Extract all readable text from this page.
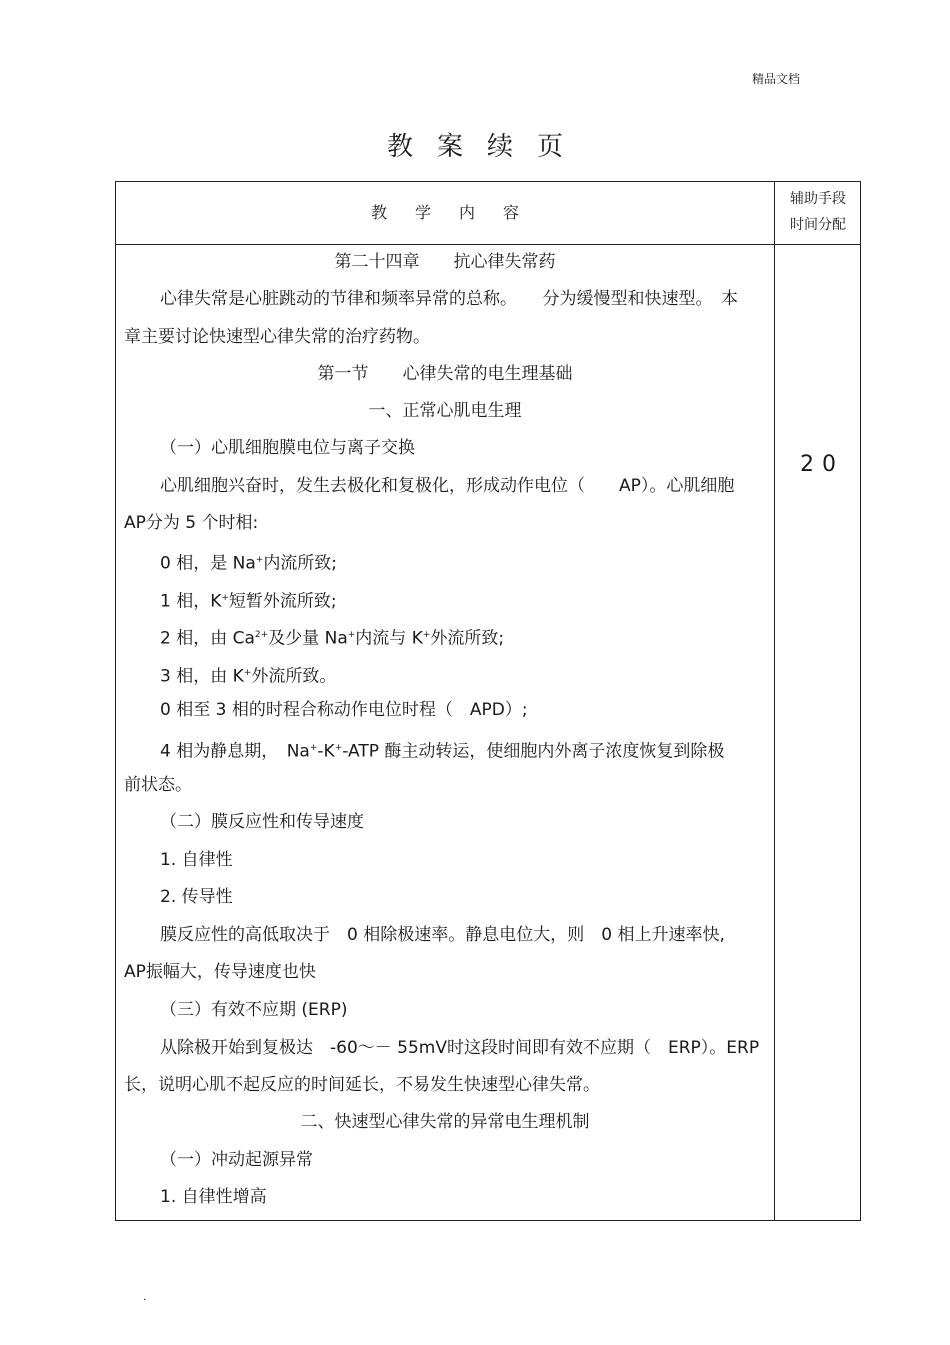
精品文档
教案续页
教学内容
辅助手段
时间分配
20
第二十四章　　抗心律失常药
心律失常是心脏跳动的节律和频率异常的总称。　　分为缓慢型和快速型。　本
章主要讨论快速型心律失常的治疗药物。
第一节　　心律失常的电生理基础
一、正常心肌电生理
（一）心肌细胞膜电位与离子交换
心肌细胞兴奋时，发生去极化和复极化，形成动作电位（　　AP）。心肌细胞
AP分为 5 个时相:
0 相，是 Na+内流所致;
1 相，K+短暂外流所致;
2 相，由 $Ca^{2+}$及少量 Na+内流与 K+外流所致;
3 相，由 K+外流所致。
0 相至 3 相的时程合称动作电位时程（　APD）;
4 相为静息期，　Na+-K+-ATP 酶主动转运，使细胞内外离子浓度恢复到除极
前状态。
（二）膜反应性和传导速度
1. 自律性
2. 传导性
膜反应性的高低取决于　0 相除极速率。静息电位大，则　0 相上升速率快,
AP振幅大，传导速度也快
（三）有效不应期 (ERP)
从除极开始到复极达　-60～－ 55mV时这段时间即有效不应期（　ERP）。ERP
长，说明心肌不起反应的时间延长，不易发生快速型心律失常。
二、快速型心律失常的异常电生理机制
（一）冲动起源异常
1. 自律性增高
.
